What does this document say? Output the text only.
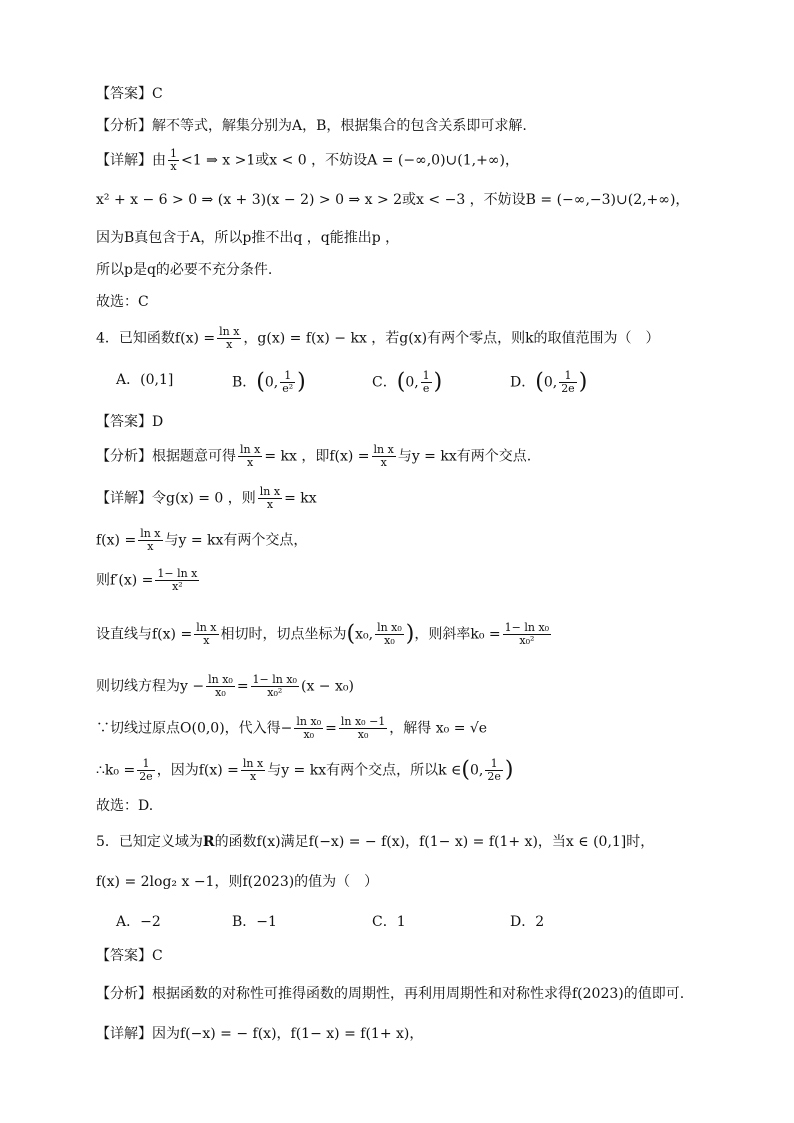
【答案】C
【分析】解不等式，解集分别为A，B，根据集合的包含关系即可求解.
【详解】由 $\frac{1}{x} <1$ ⇒ x >1或x < 0 ，不妨设A = (−∞,0)∪(1,+∞)，
x² + x − 6 > 0 ⇒ (x + 3)(x − 2) > 0 ⇒ x > 2或x < −3 ，不妨设B = (−∞,−3)∪(2,+∞)，
因为B真包含于A，所以p推不出q ，q能推出p ，
所以p是q的必要不充分条件.
故选：C
4．已知函数$f(x) = \frac{\text{ln x}}{x}$ ，g(x) = f(x) − kx ，若g(x)有两个零点，则k的取值范围为（　）
A．(0,1]	B．(0, $\frac{1}{\text{e²}}$ )	C．(0, $\frac{1}{e}$ )	D．(0, $\frac{1}{2e}$ )
【答案】D
【分析】根据题意可得 $\frac{\text{ln x}}{x}$ = kx ，即$f(x) = \frac{\text{ln x}}{x}$ 与y = kx有两个交点.
【详解】令g(x) = 0 ，则 $\frac{\text{ln x}}{x}$ = kx
$f(x) = \frac{\text{ln x}}{x}$ 与y = kx有两个交点，
则$f'(x) = \frac{\text{1− ln x}}{\text{x²}}$
设直线与$f(x) = \frac{\text{ln x}}{x}$ 相切时，切点坐标为(x₀, $\frac{\text{ln x₀}}{\text{x₀}}$ )，则斜率$k_0 = \frac{\text{1− ln x₀}}{\text{x₀²}}$
则切线方程为$y - \frac{\text{ln x₀}}{\text{x₀}} = \frac{\text{1− ln x₀}}{\text{x₀²}} (x - x_0)$
∵切线过原点O(0,0)，代入得− $\frac{\text{ln x₀}}{\text{x₀}} = \frac{\text{ln x₀ −1}}{\text{x₀}}$ ，解得 x₀ = √e
∴k₀ = $\frac{1}{2e}$ ，因为$f(x) = \frac{\text{ln x}}{x}$ 与y = kx有两个交点，所以k ∈(0, $\frac{1}{2e}$ )
故选：D.
5．已知定义域为R的函数f(x)满足f(−x) = − f(x)，f(1− x) = f(1+ x)，当x ∈ (0,1]时，
f(x) = 2log₂ x −1，则f(2023)的值为（　）
A．−2	B．−1	C．1	D．2
【答案】C
【分析】根据函数的对称性可推得函数的周期性，再利用周期性和对称性求得f(2023)的值即可.
【详解】因为f(−x) = − f(x)，f(1− x) = f(1+ x)，
